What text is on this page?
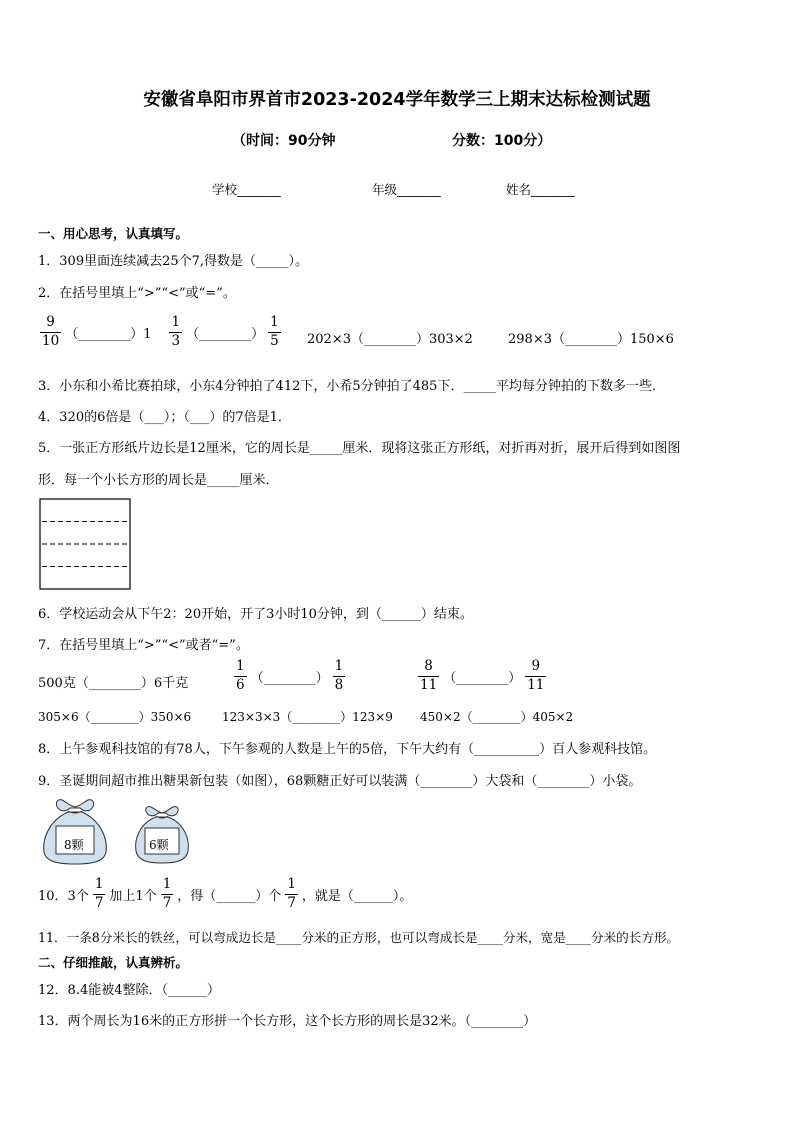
安徽省阜阳市界首市2023-2024学年数学三上期末达标检测试题
（时间：90分钟	分数：100分）
学校_______	年级_______	姓名_______
一、用心思考，认真填写。
1．309里面连续减去25个7,得数是（_____）。
2．在括号里填上“>”“<”或“=”。
$\frac{9}{10}$ （________）1 $\frac{1}{3}$ （________） $\frac{1}{5}$ 202×3（________）303×2	298×3（________）150×6
3．小东和小希比赛拍球，小东4分钟拍了412下，小希5分钟拍了485下．_____平均每分钟拍的下数多一些．
4．320的6倍是（___）；（___）的7倍是1．
5．一张正方形纸片边长是12厘米，它的周长是_____厘米．现将这张正方形纸，对折再对折，展开后得到如图图
形．每一个小长方形的周长是_____厘米．
6．学校运动会从下午2：20开始，开了3小时10分钟，到（______）结束。
7．在括号里填上“>”“<”或者“=”。
500克（________）6千克	$\frac{1}{6}$ （________） $\frac{1}{8}$	$\frac{8}{11}$ （________） $\frac{9}{11}$
305×6（________）350×6	123×3×3（________）123×9 450×2（________）405×2
8．上午参观科技馆的有78人，下午参观的人数是上午的5倍，下午大约有（__________）百人参观科技馆。
9．圣诞期间超市推出糖果新包装（如图），68颗糖正好可以装满（________）大袋和（________）小袋。
8颗	6颗
10．3个 $\frac{1}{7}$ 加上1个 $\frac{1}{7}$ ，得（______）个 $\frac{1}{7}$ ，就是（______）。
11．一条8分米长的铁丝，可以弯成边长是____分米的正方形，也可以弯成长是____分米，宽是____分米的长方形。
二、仔细推敲，认真辨析。
12．8.4能被4整除．（______）
13．两个周长为16米的正方形拼一个长方形，这个长方形的周长是32米。（________）
